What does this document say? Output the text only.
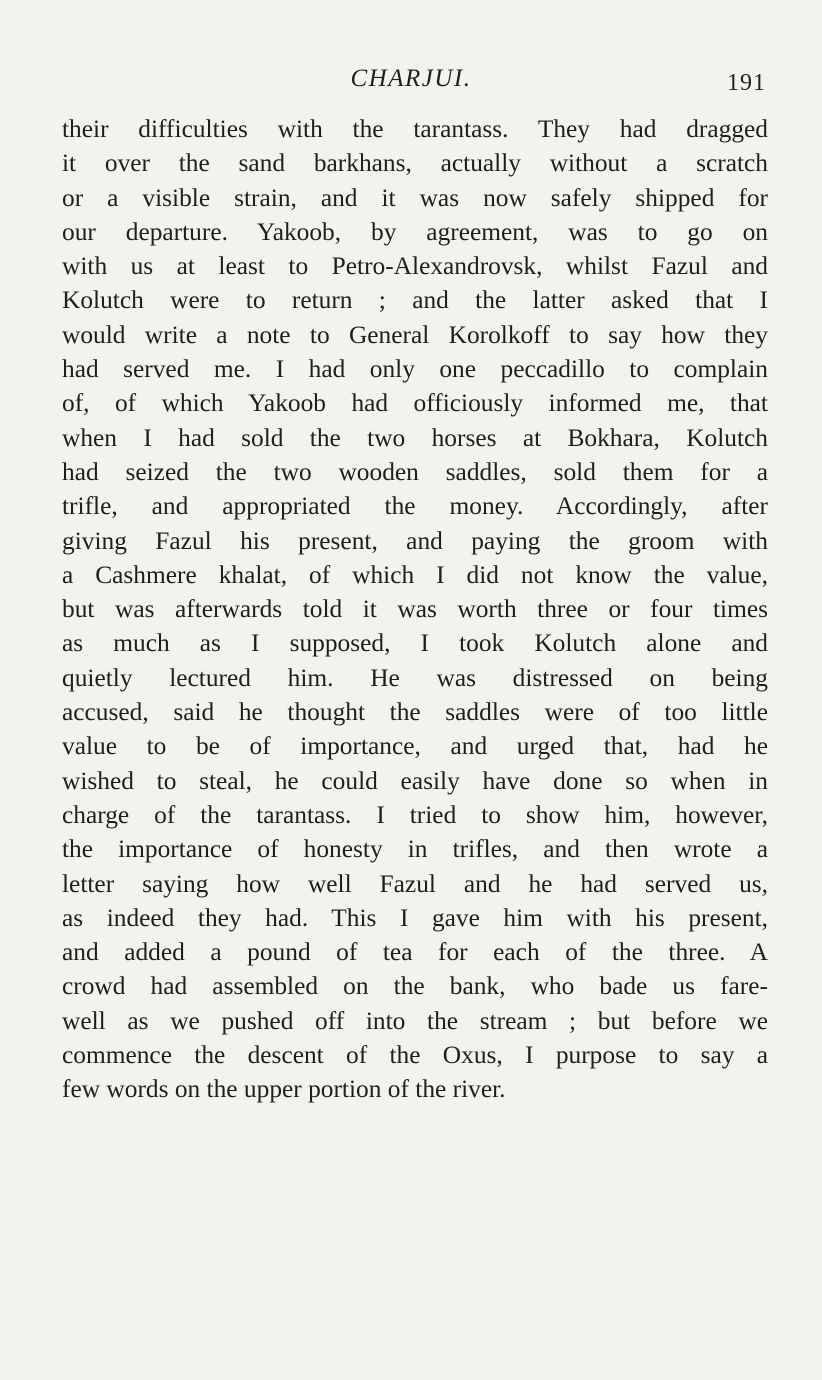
CHARJUI.	191
their difficulties with the tarantass. They had dragged
it over the sand barkhans, actually without a scratch
or a visible strain, and it was now safely shipped for
our departure. Yakoob, by agreement, was to go on
with us at least to Petro-Alexandrovsk, whilst Fazul and
Kolutch were to return ; and the latter asked that I
would write a note to General Korolkoff to say how they
had served me. I had only one peccadillo to complain
of, of which Yakoob had officiously informed me, that
when I had sold the two horses at Bokhara, Kolutch
had seized the two wooden saddles, sold them for a
trifle, and appropriated the money. Accordingly, after
giving Fazul his present, and paying the groom with
a Cashmere khalat, of which I did not know the value,
but was afterwards told it was worth three or four times
as much as I supposed, I took Kolutch alone and
quietly lectured him. He was distressed on being
accused, said he thought the saddles were of too little
value to be of importance, and urged that, had he
wished to steal, he could easily have done so when in
charge of the tarantass. I tried to show him, however,
the importance of honesty in trifles, and then wrote a
letter saying how well Fazul and he had served us,
as indeed they had. This I gave him with his present,
and added a pound of tea for each of the three. A
crowd had assembled on the bank, who bade us fare-
well as we pushed off into the stream ; but before we
commence the descent of the Oxus, I purpose to say a
few words on the upper portion of the river.
